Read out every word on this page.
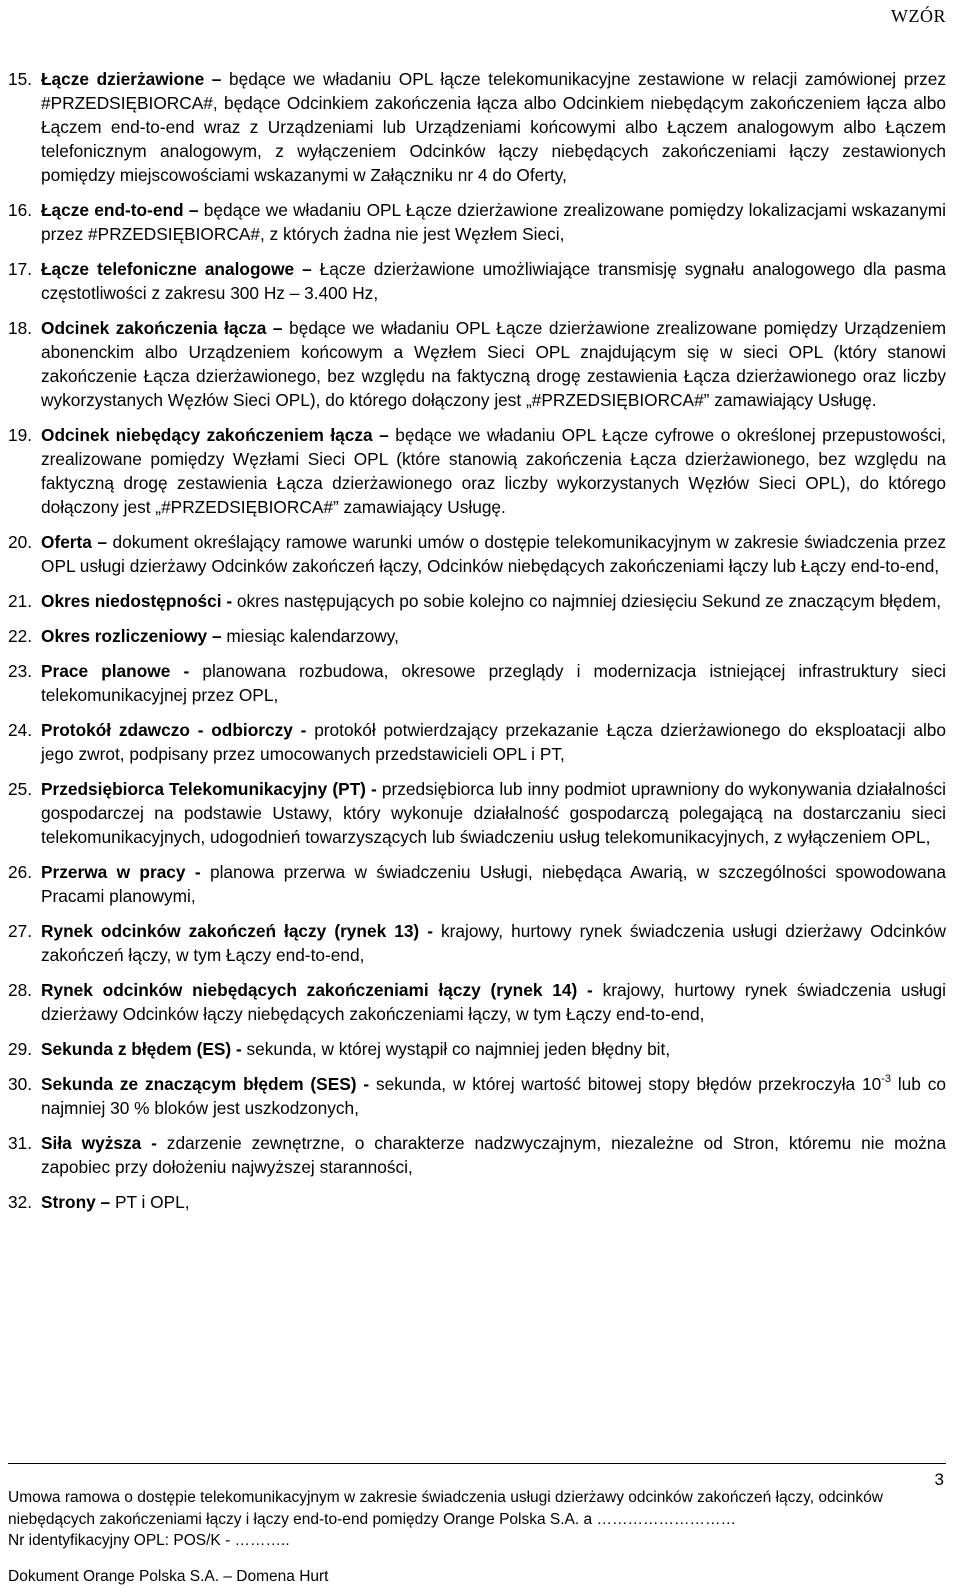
WZÓR
15. Łącze dzierżawione – będące we władaniu OPL łącze telekomunikacyjne zestawione w relacji zamówionej przez #PRZEDSIĘBIORCA#, będące Odcinkiem zakończenia łącza albo Odcinkiem niebędącym zakończeniem łącza albo Łączem end-to-end wraz z Urządzeniami lub Urządzeniami końcowymi albo Łączem analogowym albo Łączem telefonicznym analogowym, z wyłączeniem Odcinków łączy niebędących zakończeniami łączy zestawionych pomiędzy miejscowościami wskazanymi w Załączniku nr 4 do Oferty,
16. Łącze end-to-end – będące we władaniu OPL Łącze dzierżawione zrealizowane pomiędzy lokalizacjami wskazanymi przez #PRZEDSIĘBIORCA#, z których żadna nie jest Węzłem Sieci,
17. Łącze telefoniczne analogowe – Łącze dzierżawione umożliwiające transmisję sygnału analogowego dla pasma częstotliwości z zakresu 300 Hz – 3.400 Hz,
18. Odcinek zakończenia łącza – będące we władaniu OPL Łącze dzierżawione zrealizowane pomiędzy Urządzeniem abonenckim albo Urządzeniem końcowym a Węzłem Sieci OPL znajdującym się w sieci OPL (który stanowi zakończenie Łącza dzierżawionego, bez względu na faktyczną drogę zestawienia Łącza dzierżawionego oraz liczby wykorzystanych Węzłów Sieci OPL), do którego dołączony jest „#PRZEDSIĘBIORCA#” zamawiający Usługę.
19. Odcinek niebędący zakończeniem łącza – będące we władaniu OPL Łącze cyfrowe o określonej przepustowości, zrealizowane pomiędzy Węzłami Sieci OPL (które stanowią zakończenia Łącza dzierżawionego, bez względu na faktyczną drogę zestawienia Łącza dzierżawionego oraz liczby wykorzystanych Węzłów Sieci OPL), do którego dołączony jest „#PRZEDSIĘBIORCA#” zamawiający Usługę.
20. Oferta – dokument określający ramowe warunki umów o dostępie telekomunikacyjnym w zakresie świadczenia przez OPL usługi dzierżawy Odcinków zakończeń łączy, Odcinków niebędących zakończeniami łączy lub Łączy end-to-end,
21. Okres niedostępności - okres następujących po sobie kolejno co najmniej dziesięciu Sekund ze znaczącym błędem,
22. Okres rozliczeniowy – miesiąc kalendarzowy,
23. Prace planowe - planowana rozbudowa, okresowe przeglądy i modernizacja istniejącej infrastruktury sieci telekomunikacyjnej przez OPL,
24. Protokół zdawczo - odbiorczy - protokół potwierdzający przekazanie Łącza dzierżawionego do eksploatacji albo jego zwrot, podpisany przez umocowanych przedstawicieli OPL i PT,
25. Przedsiębiorca Telekomunikacyjny (PT) - przedsiębiorca lub inny podmiot uprawniony do wykonywania działalności gospodarczej na podstawie Ustawy, który wykonuje działalność gospodarczą polegającą na dostarczaniu sieci telekomunikacyjnych, udogodnień towarzyszących lub świadczeniu usług telekomunikacyjnych, z wyłączeniem OPL,
26. Przerwa w pracy - planowa przerwa w świadczeniu Usługi, niebędąca Awarią, w szczególności spowodowana Pracami planowymi,
27. Rynek odcinków zakończeń łączy (rynek 13) - krajowy, hurtowy rynek świadczenia usługi dzierżawy Odcinków zakończeń łączy, w tym Łączy end-to-end,
28. Rynek odcinków niebędących zakończeniami łączy (rynek 14) - krajowy, hurtowy rynek świadczenia usługi dzierżawy Odcinków łączy niebędących zakończeniami łączy, w tym Łączy end-to-end,
29. Sekunda z błędem (ES) - sekunda, w której wystąpił co najmniej jeden błędny bit,
30. Sekunda ze znaczącym błędem (SES) - sekunda, w której wartość bitowej stopy błędów przekroczyła $10^{-3}$ lub co najmniej 30 % bloków jest uszkodzonych,
31. Siła wyższa - zdarzenie zewnętrzne, o charakterze nadzwyczajnym, niezależne od Stron, któremu nie można zapobiec przy dołożeniu najwyższej staranności,
32. Strony – PT i OPL,
3
Umowa ramowa o dostępie telekomunikacyjnym w zakresie świadczenia usługi dzierżawy odcinków zakończeń łączy, odcinków niebędących zakończeniami łączy i łączy end-to-end pomiędzy Orange Polska S.A. a ………………………
Nr identyfikacyjny OPL: POS/K - ………..
Dokument Orange Polska S.A. – Domena Hurt
